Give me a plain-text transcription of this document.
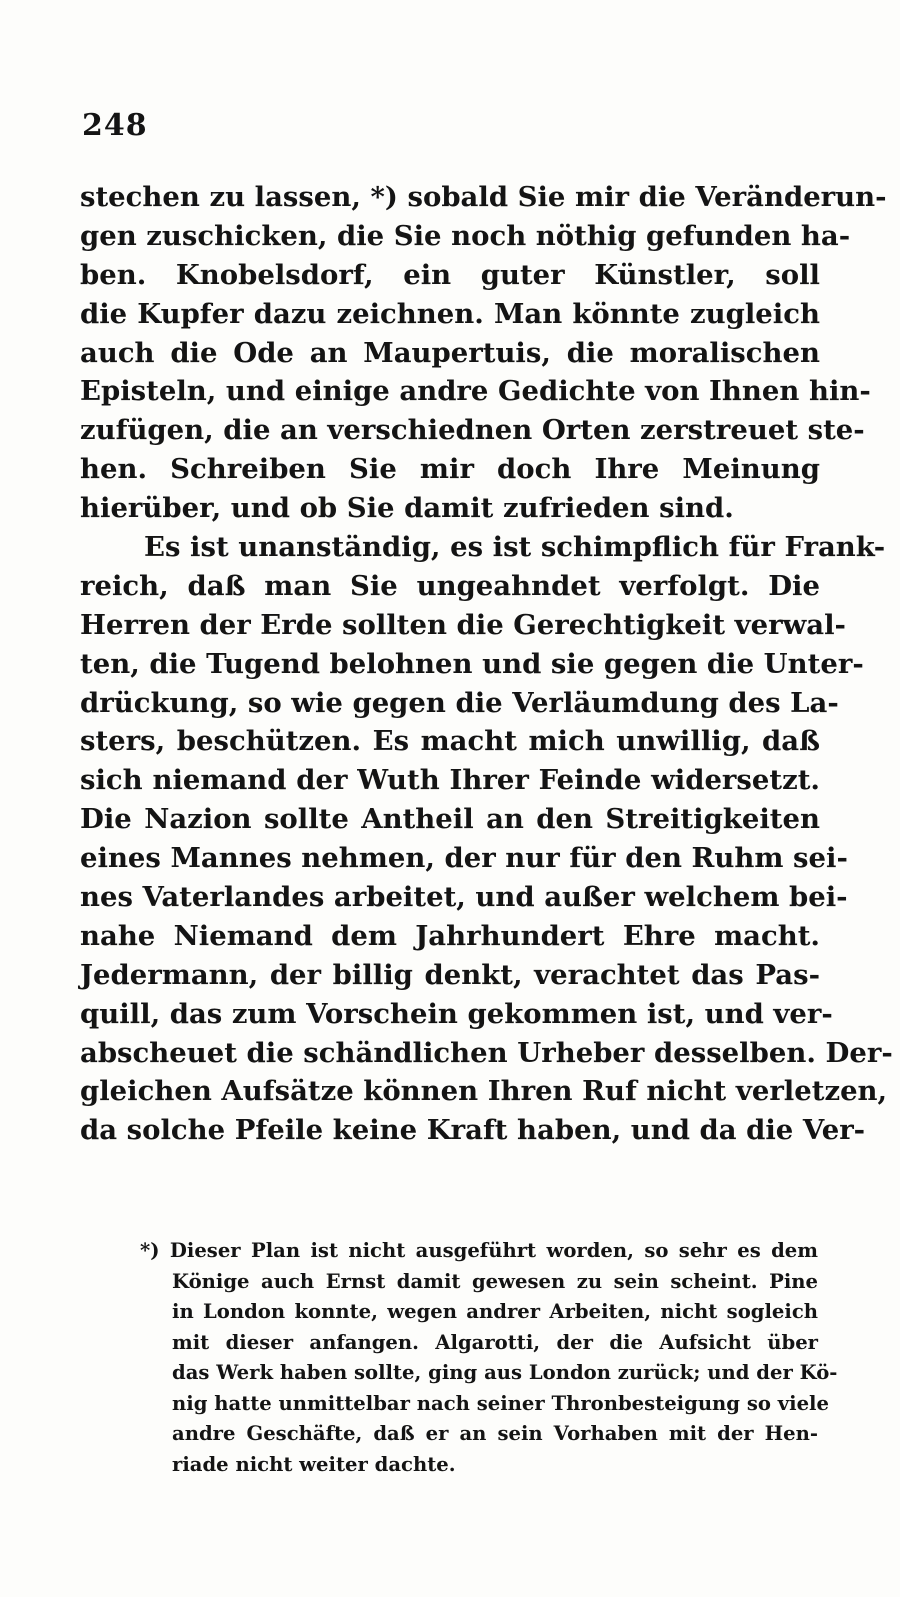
248
stechen zu lassen, *) sobald Sie mir die Veränderun-
gen zuschicken, die Sie noch nöthig gefunden ha-
ben. Knobelsdorf, ein guter Künstler, soll
die Kupfer dazu zeichnen. Man könnte zugleich
auch die Ode an Maupertuis, die moralischen
Episteln, und einige andre Gedichte von Ihnen hin-
zufügen, die an verschiednen Orten zerstreuet ste-
hen. Schreiben Sie mir doch Ihre Meinung
hierüber, und ob Sie damit zufrieden sind.
Es ist unanständig, es ist schimpflich für Frank-
reich, daß man Sie ungeahndet verfolgt. Die
Herren der Erde sollten die Gerechtigkeit verwal-
ten, die Tugend belohnen und sie gegen die Unter-
drückung, so wie gegen die Verläumdung des La-
sters, beschützen. Es macht mich unwillig, daß
sich niemand der Wuth Ihrer Feinde widersetzt.
Die Nazion sollte Antheil an den Streitigkeiten
eines Mannes nehmen, der nur für den Ruhm sei-
nes Vaterlandes arbeitet, und außer welchem bei-
nahe Niemand dem Jahrhundert Ehre macht.
Jedermann, der billig denkt, verachtet das Pas-
quill, das zum Vorschein gekommen ist, und ver-
abscheuet die schändlichen Urheber desselben. Der-
gleichen Aufsätze können Ihren Ruf nicht verletzen,
da solche Pfeile keine Kraft haben, und da die Ver-
*) Dieser Plan ist nicht ausgeführt worden, so sehr es dem
Könige auch Ernst damit gewesen zu sein scheint. Pine
in London konnte, wegen andrer Arbeiten, nicht sogleich
mit dieser anfangen. Algarotti, der die Aufsicht über
das Werk haben sollte, ging aus London zurück; und der Kö-
nig hatte unmittelbar nach seiner Thronbesteigung so viele
andre Geschäfte, daß er an sein Vorhaben mit der Hen-
riade nicht weiter dachte.
